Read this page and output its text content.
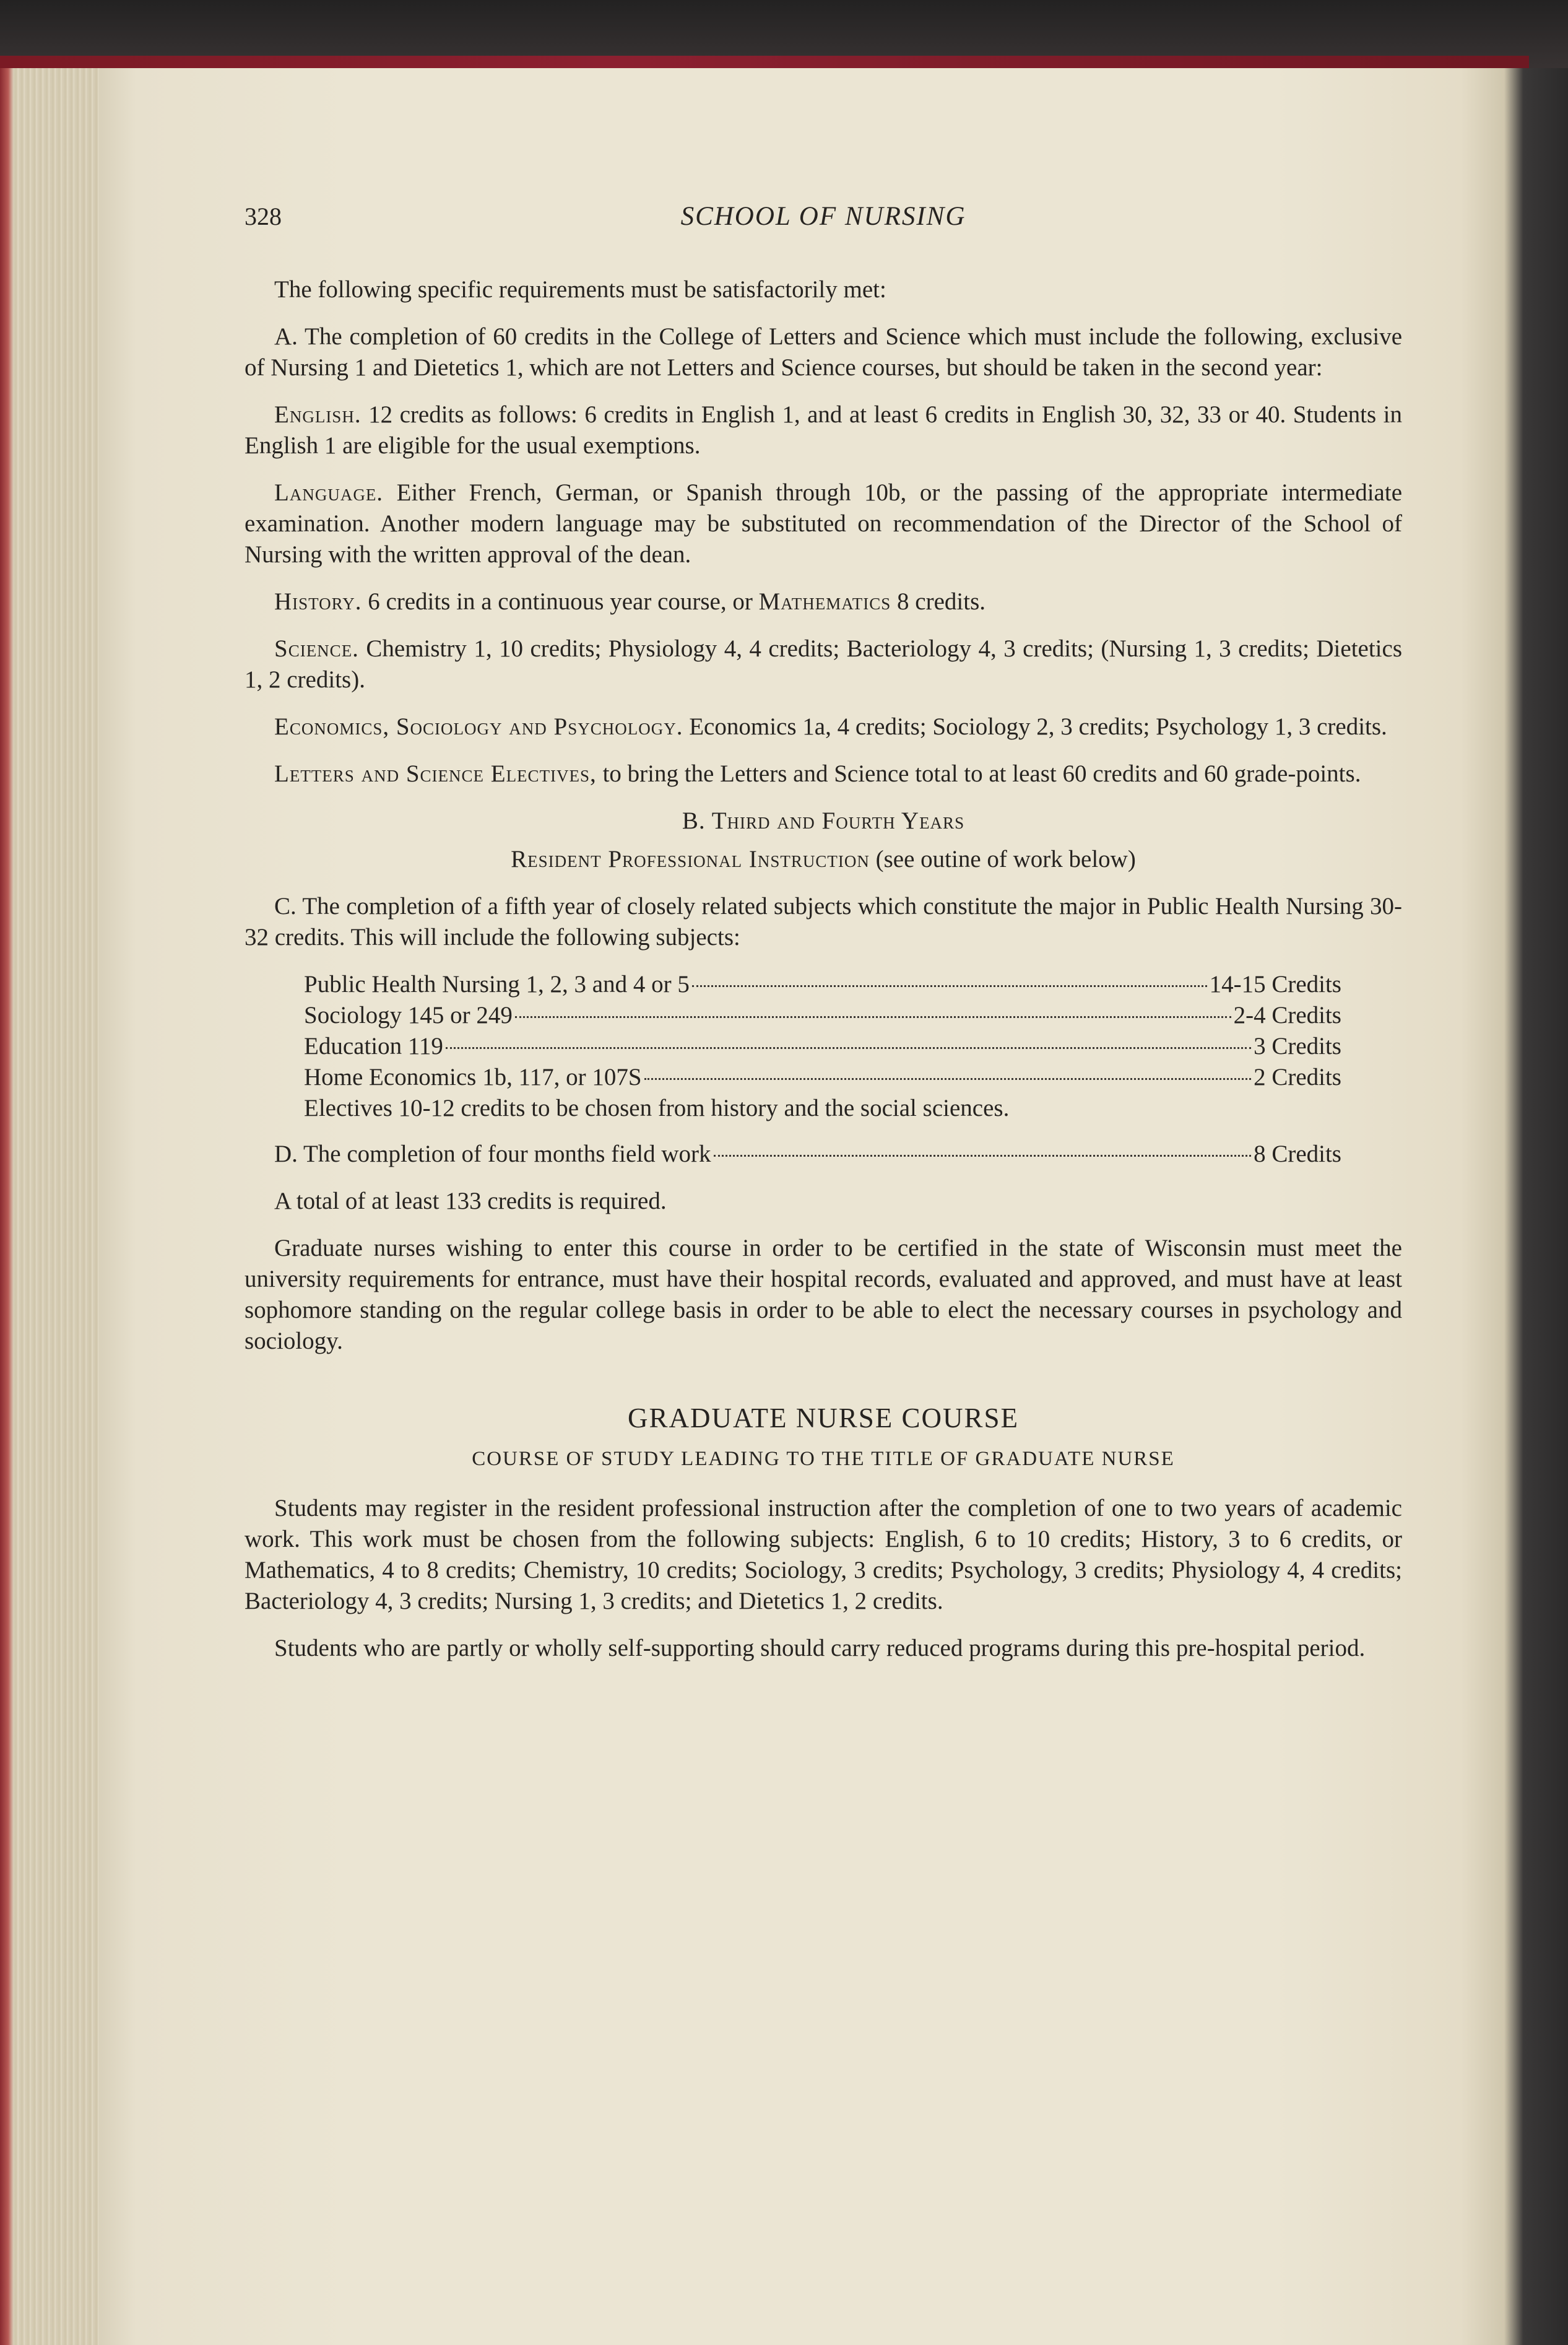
328	SCHOOL OF NURSING

The following specific requirements must be satisfactorily met:

A. The completion of 60 credits in the College of Letters and Science which must include the following, exclusive of Nursing 1 and Dietetics 1, which are not Letters and Science courses, but should be taken in the second year:

English. 12 credits as follows: 6 credits in English 1, and at least 6 credits in English 30, 32, 33 or 40. Students in English 1 are eligible for the usual exemptions.

Language. Either French, German, or Spanish through 10b, or the passing of the appropriate intermediate examination. Another modern language may be substituted on recommendation of the Director of the School of Nursing with the written approval of the dean.

History. 6 credits in a continuous year course, or Mathematics 8 credits.

Science. Chemistry 1, 10 credits; Physiology 4, 4 credits; Bacteriology 4, 3 credits; (Nursing 1, 3 credits; Dietetics 1, 2 credits).

Economics, Sociology and Psychology. Economics 1a, 4 credits; Sociology 2, 3 credits; Psychology 1, 3 credits.

Letters and Science Electives, to bring the Letters and Science total to at least 60 credits and 60 grade-points.

B. Third and Fourth Years

Resident Professional Instruction (see outine of work below)

C. The completion of a fifth year of closely related subjects which constitute the major in Public Health Nursing 30-32 credits. This will include the following subjects:

Public Health Nursing 1, 2, 3 and 4 or 5	14-15 Credits
Sociology 145 or 249	2-4 Credits
Education 119	3 Credits
Home Economics 1b, 117, or 107S	2 Credits
Electives 10-12 credits to be chosen from history and the social sciences.
D. The completion of four months field work	8 Credits

A total of at least 133 credits is required.

Graduate nurses wishing to enter this course in order to be certified in the state of Wisconsin must meet the university requirements for entrance, must have their hospital records, evaluated and approved, and must have at least sophomore standing on the regular college basis in order to be able to elect the necessary courses in psychology and sociology.

GRADUATE NURSE COURSE
COURSE OF STUDY LEADING TO THE TITLE OF GRADUATE NURSE

Students may register in the resident professional instruction after the completion of one to two years of academic work. This work must be chosen from the following subjects: English, 6 to 10 credits; History, 3 to 6 credits, or Mathematics, 4 to 8 credits; Chemistry, 10 credits; Sociology, 3 credits; Psychology, 3 credits; Physiology 4, 4 credits; Bacteriology 4, 3 credits; Nursing 1, 3 credits; and Dietetics 1, 2 credits.

Students who are partly or wholly self-supporting should carry reduced programs during this pre-hospital period.
